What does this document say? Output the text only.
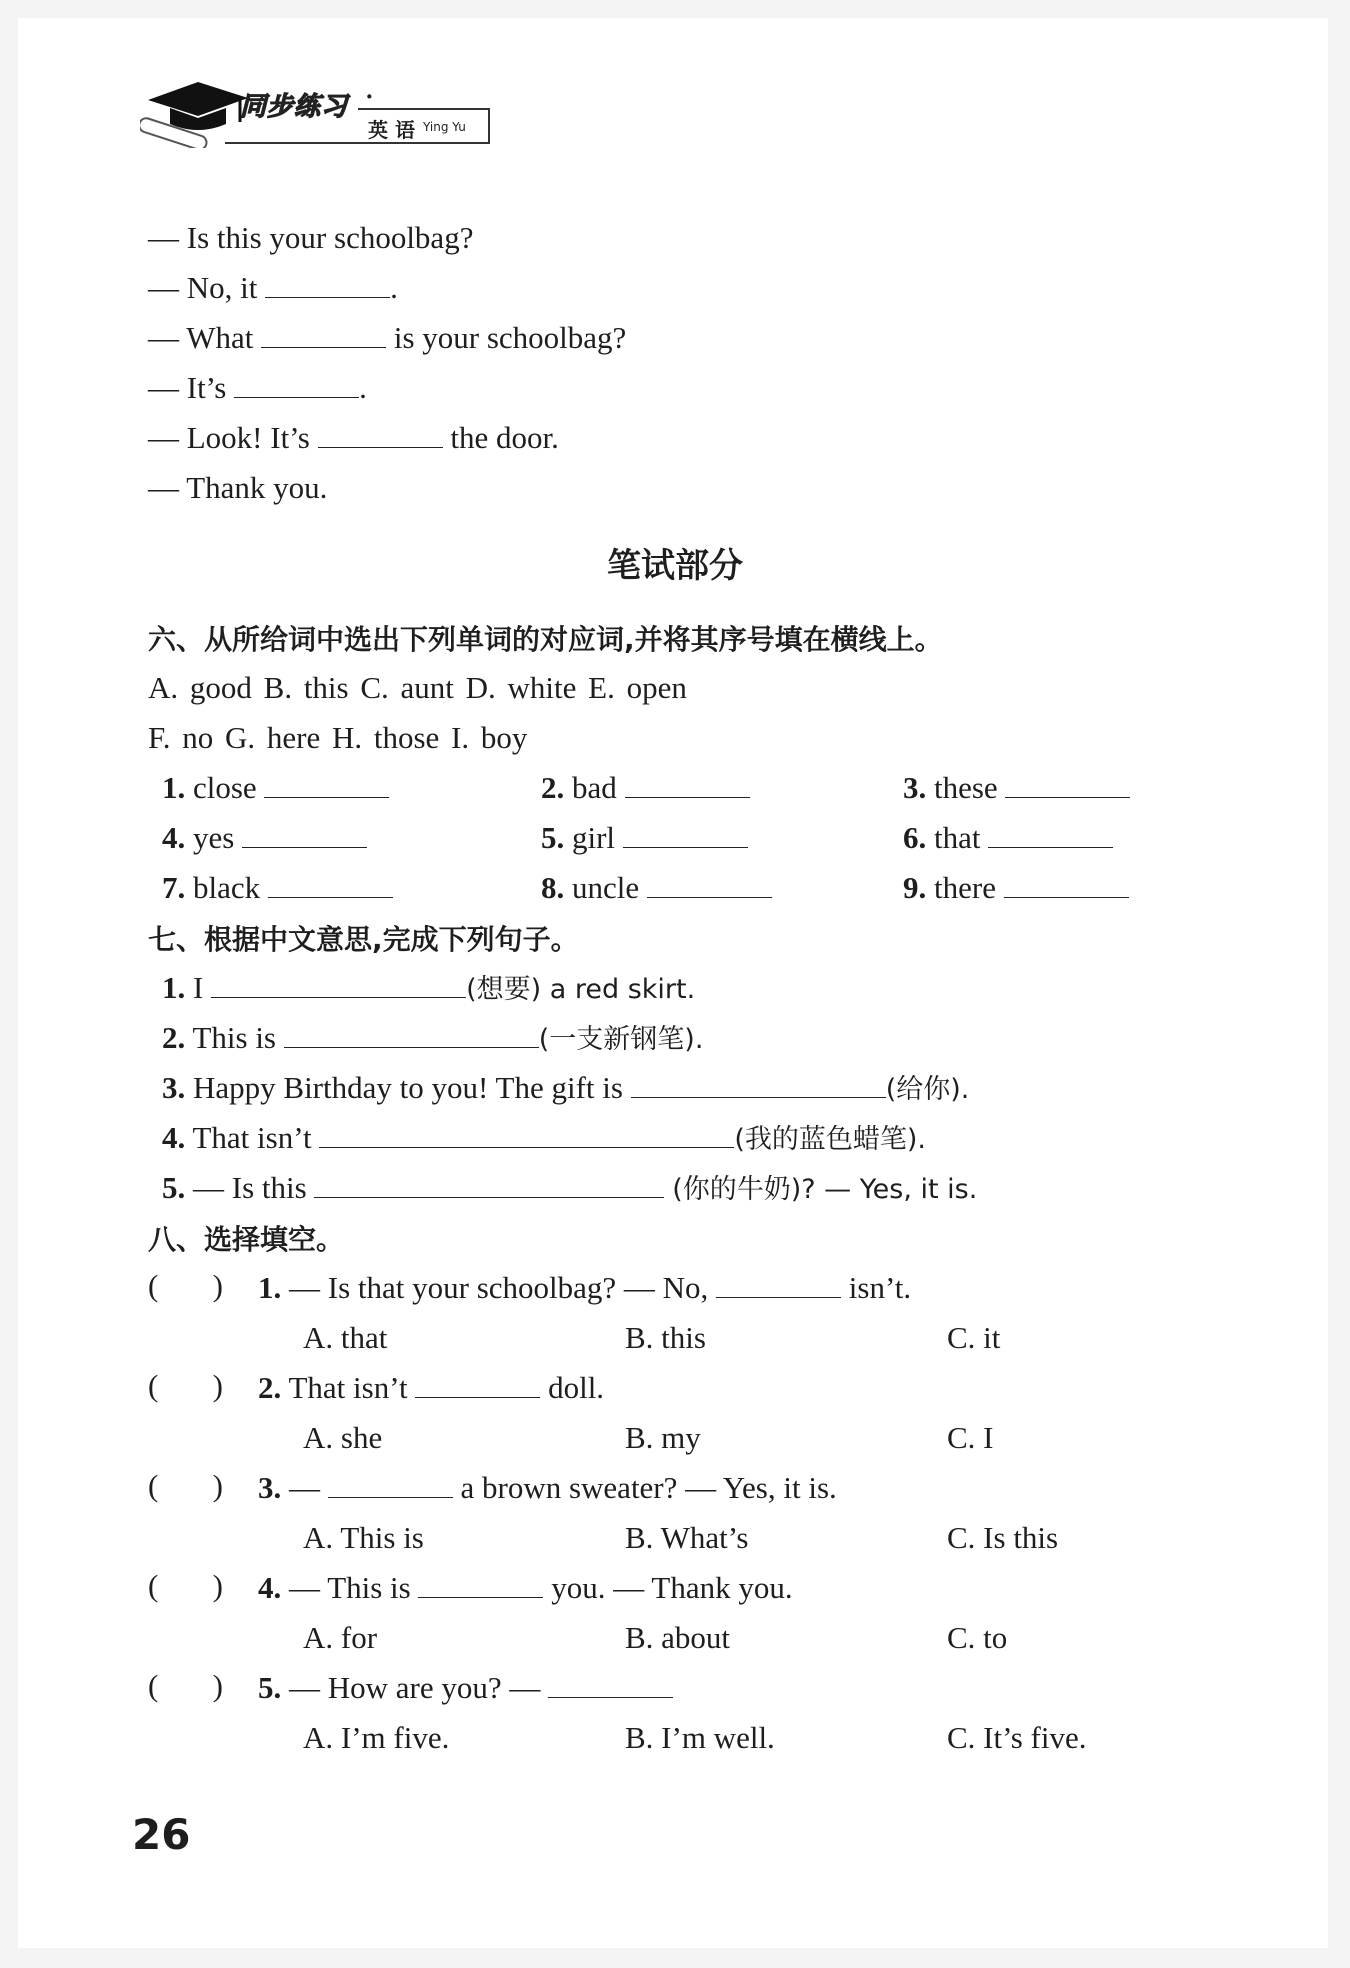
同步练习 ·
英 语 Ying Yu
— Is this your schoolbag?
— No, it	.
— What	is your schoolbag?
— It’s	.
— Look! It’s	the door.
— Thank you.
笔试部分
六、从所给词中选出下列单词的对应词,并将其序号填在横线上。
A. good B. this C. aunt D. white E. open
F. no G. here H. those I. boy
1. close	2. bad	3. these
4. yes	5. girl	6. that
7. black	8. uncle	9. there
七、根据中文意思,完成下列句子。
1. I	(想要) a red skirt.
2. This is	(一支新钢笔).
3. Happy Birthday to you! The gift is	(给你).
4. That isn’t	(我的蓝色蜡笔).
5. — Is this	(你的牛奶)? — Yes, it is.
八、选择填空。
(       ) 1. — Is that your schoolbag? — No,	isn’t.
A. that	B. this	C. it
(       ) 2. That isn’t	doll.
A. she	B. my	C. I
(       ) 3. —	a brown sweater? — Yes, it is.
A. This is	B. What’s	C. Is this
(       ) 4. — This is	you. — Thank you.
A. for	B. about	C. to
(       ) 5. — How are you? —
A. I’m five.	B. I’m well.	C. It’s five.
26
